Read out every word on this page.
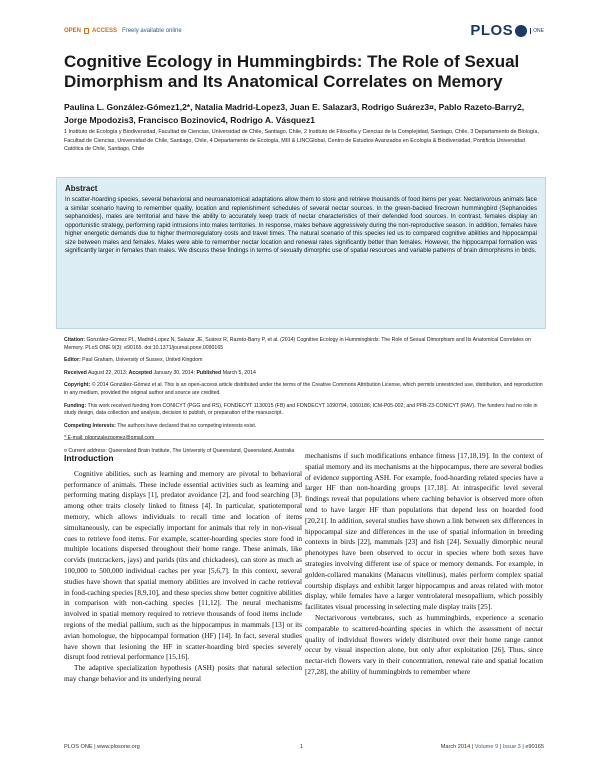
OPEN ACCESS Freely available online	PLOS	ONE
Cognitive Ecology in Hummingbirds: The Role of Sexual Dimorphism and Its Anatomical Correlates on Memory
Paulina L. González-Gómez1,2*, Natalia Madrid-Lopez3, Juan E. Salazar3, Rodrigo Suárez3¤, Pablo Razeto-Barry2, Jorge Mpodozis3, Francisco Bozinovic4, Rodrigo A. Vásquez1
1 Instituto de Ecología y Biodiversidad, Facultad de Ciencias, Universidad de Chile, Santiago, Chile, 2 Instituto de Filosofía y Ciencias de la Complejidad, Santiago, Chile, 3 Departamento de Biología, Facultad de Ciencias, Universidad de Chile, Santiago, Chile, 4 Departamento de Ecología, MIII & LINCGlobal, Centro de Estudios Avanzados en Ecología & Biodiversidad, Pontificia Universidad Católica de Chile, Santiago, Chile
Abstract

In scatter-hoarding species, several behavioral and neuroanatomical adaptations allow them to store and retrieve thousands of food items per year. Nectarivorous animals face a similar scenario having to remember quality, location and replenishment schedules of several nectar sources. In the green-backed firecrown hummingbird (Sephanoides sephanoides), males are territorial and have the ability to accurately keep track of nectar characteristics of their defended food sources. In contrast, females display an opportunistic strategy, performing rapid intrusions into males territories. In response, males behave aggressively during the non-reproductive season. In addition, females have higher energetic demands due to higher thermoregulatory costs and travel times. The natural scenario of this species led us to compared cognitive abilities and hippocampal size between males and females. Males were able to remember nectar location and renewal rates significantly better than females. However, the hippocampal formation was significantly larger in females than males. We discuss these findings in terms of sexually dimorphic use of spatial resources and variable patterns of brain dimorphisms in birds.

Citation: González-Gómez PL, Madrid-Lopez N, Salazar JE, Suárez R, Razeto-Barry P, et al. (2014) Cognitive Ecology in Hummingbirds: The Role of Sexual Dimorphism and Its Anatomical Correlates on Memory. PLoS ONE 9(3): e90165. doi:10.1371/journal.pone.0090165

Editor: Paul Graham, University of Sussex, United Kingdom

Received August 22, 2013; Accepted January 30, 2014; Published March 5, 2014

Copyright: © 2014 González-Gómez et al. This is an open-access article distributed under the terms of the Creative Commons Attribution License, which permits unrestricted use, distribution, and reproduction in any medium, provided the original author and source are credited.

Funding: This work received funding from CONICYT (PGG and RS), FONDECYT 1130015 (FB) and FONDECYT 1090794, 1060186; ICM-P05-002; and PFB-23-CONICYT (RAV). The funders had no role in study design, data collection and analysis, decision to publish, or preparation of the manuscript.

Competing Interests: The authors have declared that no competing interests exist.

* E-mail: plgonzalezgomez@gmail.com

¤ Current address: Queensland Brain Institute, The University of Queensland, Queensland, Australia

Introduction

Cognitive abilities, such as learning and memory are pivotal to behavioral performance of animals. These include essential activities such as learning and performing mating displays [1], predator avoidance [2], and food searching [3], among other traits closely linked to fitness [4]. In particular, spatiotemporal memory, which allows individuals to recall time and location of items simultaneously, can be especially important for animals that rely in non-visual cues to retrieve food items. For example, scatter-hoarding species store food in multiple locations dispersed throughout their home range. These animals, like corvids (nutcrackers, jays) and parids (tits and chickadees), can store as much as 100,000 to 500,000 individual caches per year [5,6,7]. In this context, several studies have shown that spatial memory abilities are involved in cache retrieval in food-caching species [8,9,10], and these species show better cognitive abilities in comparison with non-caching species [11,12]. The neural mechanisms involved in spatial memory required to retrieve thousands of food items include regions of the medial pallium, such as the hippocampus in mammals [13] or its avian homologue, the hippocampal formation (HF) [14]. In fact, several studies have shown that lesioning the HF in scatter-hoarding bird species severely disrupt food retrieval performance [15,16].

The adaptive specialization hypothesis (ASH) posits that natural selection may change behavior and its underlying neural

mechanisms if such modifications enhance fitness [17,18,19]. In the context of spatial memory and its mechanisms at the hippocampus, there are several bodies of evidence supporting ASH. For example, food-hoarding related species have a larger HF than non-hoarding groups [17,18]. At intraspecific level several findings reveal that populations where caching behavior is observed more often tend to have larger HF than populations that depend less on hoarded food [20,21]. In addition, several studies have shown a link between sex differences in hippocampal size and differences in the use of spatial information in breeding contexts in birds [22], mammals [23] and fish [24]. Sexually dimorphic neural phenotypes have been observed to occur in species where both sexes have strategies involving different use of space or memory demands. For example, in golden-collared manakins (Manacus vitellinus), males perform complex spatial courtship displays and exhibit larger hippocampus and areas related with motor display, while females have a larger ventrolateral mesopallium, which possibly facilitates visual processing in selecting male display traits [25].

Nectarivorous vertebrates, such as hummingbirds, experience a scenario comparable to scattered-hoarding species in which the assessment of nectar quality of individual flowers widely distributed over their home range cannot occur by visual inspection alone, but only after exploitation [26]. Thus, since nectar-rich flowers vary in their concentration, renewal rate and spatial location [27,28], the ability of hummingbirds to remember where

PLOS ONE | www.plosone.org	1	March 2014 | Volume 9 | Issue 3 | e90165
